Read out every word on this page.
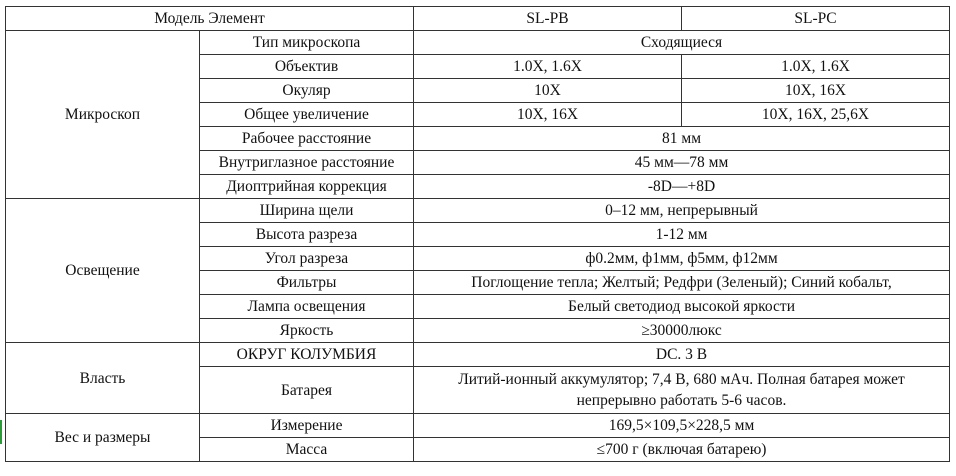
Модель Элемент		SL-PB	SL-PC
Микроскоп	Тип микроскопа	Сходящиеся	
	Объектив	1.0X, 1.6X	1.0X, 1.6X
	Окуляр	10X	10X, 16X
	Общее увеличение	10X, 16X	10X, 16X, 25,6X
	Рабочее расстояние	81 мм	
	Внутриглазное расстояние	45 мм—78 мм	
	Диоптрийная коррекция	-8D—+8D	
Освещение	Ширина щели	0–12 мм, непрерывный	
	Высота разреза	1-12 мм	
	Угол разреза	ф0.2мм, ф1мм, ф5мм, ф12мм	
	Фильтры	Поглощение тепла; Желтый; Редфри (Зеленый); Синий кобальт,	
	Лампа освещения	Белый светодиод высокой яркости	
	Яркость	≥30000люкс	
Власть	ОКРУГ КОЛУМБИЯ	DC. 3 В	
	Батарея	Литий-ионный аккумулятор; 7,4 В, 680 мАч. Полная батарея может непрерывно работать 5-6 часов.	
Вес и размеры	Измерение	169,5×109,5×228,5 мм	
	Масса	≤700 г (включая батарею)	
